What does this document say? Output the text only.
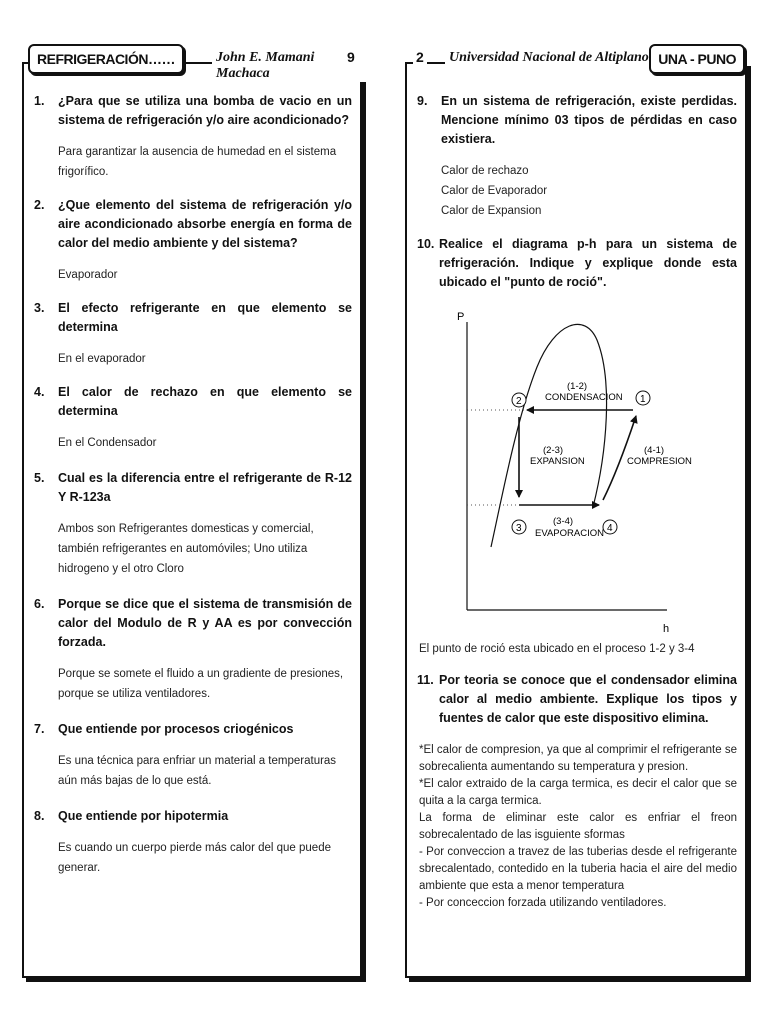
1.	¿Para que se utiliza una bomba de vacio en un sistema de refrigeración y/o aire acondicionado?
Para garantizar la ausencia de humedad en el sistema frigorífico.
2.	¿Que elemento del sistema de refrigeración y/o aire acondicionado absorbe energía en forma de calor del medio ambiente y del sistema?
Evaporador
3.	El efecto refrigerante en que elemento se determina
En el evaporador
4.	El calor de rechazo en que elemento se determina
En el Condensador
5.	Cual es la diferencia entre el refrigerante de R-12 Y R-123a
Ambos son Refrigerantes domesticas y comercial, también refrigerantes en automóviles; Uno utiliza hidrogeno y el otro Cloro
6.	Porque se dice que el sistema de transmisión de calor del Modulo de R y AA es por convección forzada.
Porque se somete el fluido a un gradiente de presiones, porque se utiliza ventiladores.
7.	Que entiende por procesos criogénicos
Es una técnica para enfriar un material a temperaturas aún más bajas de lo que está.
8.	Que entiende por hipotermia
Es cuando un cuerpo pierde más calor del que puede generar.
REFRIGERACIÓN……	John E. Mamani Machaca
9
9.	En un sistema de refrigeración, existe perdidas. Mencione mínimo 03 tipos de pérdidas en caso existiera.
Calor de rechazo
Calor de Evaporador
Calor de Expansion
10. Realice el diagrama p-h para un sistema de refrigeración. Indique y explique donde esta ubicado el "punto de roció".
P
h
2	1
3	4
(1-2)
CONDENSACION
(2-3)
EXPANSION
(4-1)
COMPRESION
(3-4)
EVAPORACION
El punto de roció esta ubicado en el proceso 1-2 y 3-4
11. Por teoria se conoce que el condensador elimina calor al medio ambiente. Explique los tipos y fuentes de calor que este dispositivo elimina.
*El calor de compresion, ya que al comprimir el refrigerante se sobrecalienta aumentando su temperatura y presion.
*El calor extraido de la carga termica, es decir el calor que se quita a la carga termica.
La forma de eliminar este calor es enfriar el freon sobrecalentado de las isguiente sformas
- Por conveccion a travez de las tuberias desde el refrigerante sbrecalentado, contedido en la tuberia hacia el aire del medio ambiente que esta a menor temperatura
- Por conceccion forzada utilizando ventiladores.
2 Universidad Nacional de Altiplano UNA - PUNO
